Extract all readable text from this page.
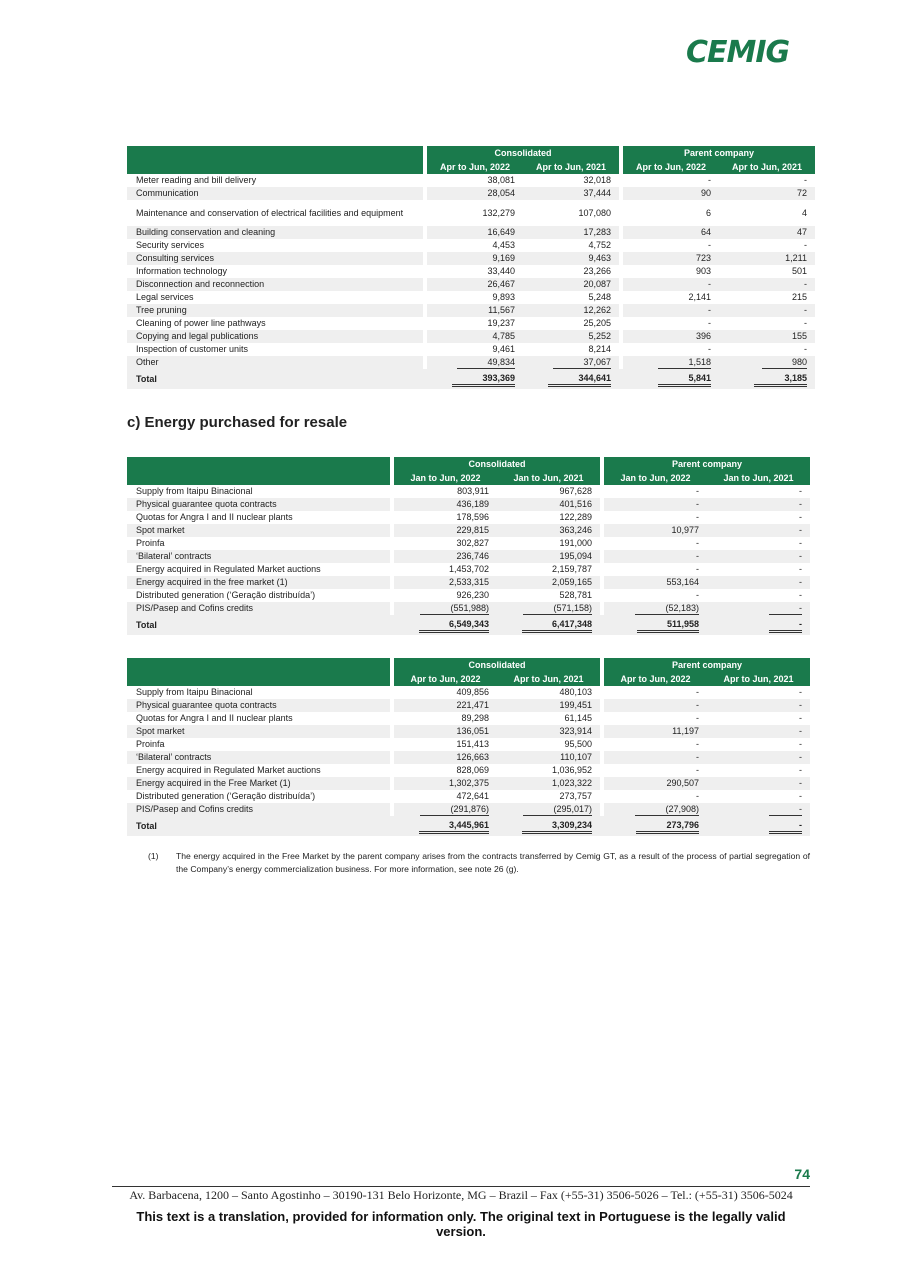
CEMIG
		Consolidated			Parent company	
		Apr to Jun, 2022	Apr to Jun, 2021		Apr to Jun, 2022	Apr to Jun, 2021
Meter reading and bill delivery		38,081	32,018		-	-
Communication		28,054	37,444		90	72
Maintenance and conservation of electrical facilities and equipment		132,279	107,080		6	4
Building conservation and cleaning		16,649	17,283		64	47
Security services		4,453	4,752		-	-
Consulting services		9,169	9,463		723	1,211
Information technology		33,440	23,266		903	501
Disconnection and reconnection		26,467	20,087		-	-
Legal services		9,893	5,248		2,141	215
Tree pruning		11,567	12,262		-	-
Cleaning of power line pathways		19,237	25,205		-	-
Copying and legal publications		4,785	5,252		396	155
Inspection of customer units		9,461	8,214		-	-
Other		49,834	37,067		1,518	980
Total		393,369	344,641		5,841	3,185
c) Energy purchased for resale
		Consolidated			Parent company	
		Jan to Jun, 2022	Jan to Jun, 2021		Jan to Jun, 2022	Jan to Jun, 2021
Supply from Itaipu Binacional		803,911	967,628		-	-
Physical guarantee quota contracts		436,189	401,516		-	-
Quotas for Angra I and II nuclear plants		178,596	122,289		-	-
Spot market		229,815	363,246		10,977	-
Proinfa		302,827	191,000		-	-
‘Bilateral’ contracts		236,746	195,094		-	-
Energy acquired in Regulated Market auctions		1,453,702	2,159,787		-	-
Energy acquired in the free market (1)		2,533,315	2,059,165		553,164	-
Distributed generation (‘Geração distribuída’)		926,230	528,781		-	-
PIS/Pasep and Cofins credits		(551,988)	(571,158)		(52,183)	-
Total		6,549,343	6,417,348		511,958	-
		Consolidated			Parent company	
		Apr to Jun, 2022	Apr to Jun, 2021		Apr to Jun, 2022	Apr to Jun, 2021
Supply from Itaipu Binacional		409,856	480,103		-	-
Physical guarantee quota contracts		221,471	199,451		-	-
Quotas for Angra I and II nuclear plants		89,298	61,145		-	-
Spot market		136,051	323,914		11,197	-
Proinfa		151,413	95,500		-	-
‘Bilateral’ contracts		126,663	110,107		-	-
Energy acquired in Regulated Market auctions		828,069	1,036,952		-	-
Energy acquired in the Free Market (1)		1,302,375	1,023,322		290,507	-
Distributed generation (‘Geração distribuída’)		472,641	273,757		-	-
PIS/Pasep and Cofins credits		(291,876)	(295,017)		(27,908)	-
Total		3,445,961	3,309,234		273,796	-
(1) The energy acquired in the Free Market by the parent company arises from the contracts transferred by Cemig GT, as a result of the process of partial segregation of the Company’s energy commercialization business. For more information, see note 26 (g).
74
Av. Barbacena, 1200 – Santo Agostinho – 30190-131 Belo Horizonte, MG – Brazil – Fax (+55-31) 3506-5026 – Tel.: (+55-31) 3506-5024
This text is a translation, provided for information only. The original text in Portuguese is the legally valid version.
